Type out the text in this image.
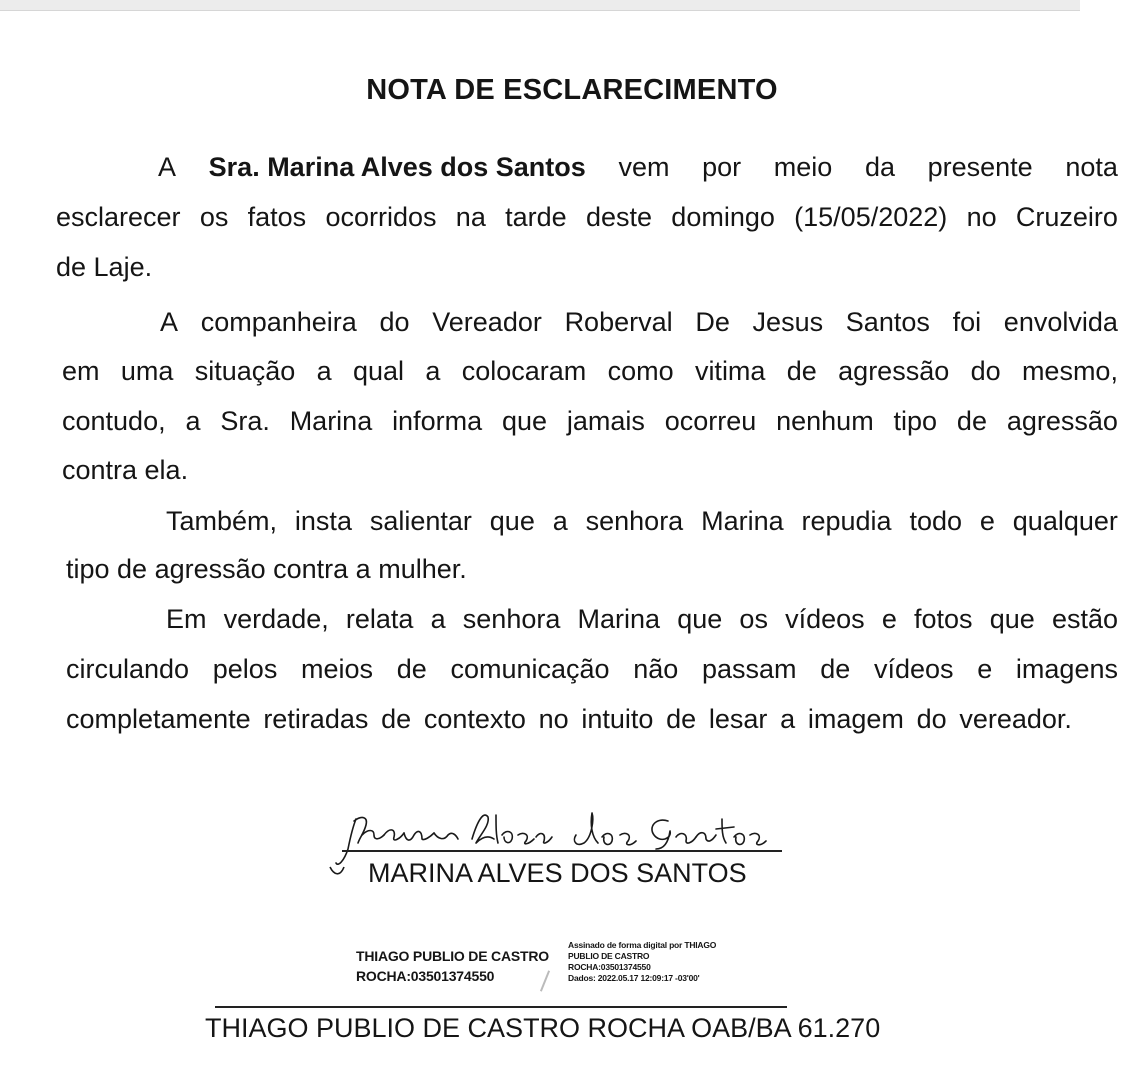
NOTA DE ESCLARECIMENTO
A Sra. Marina Alves dos Santos vem por meio da presente nota
esclarecer os fatos ocorridos na tarde deste domingo (15/05/2022) no Cruzeiro
de Laje.
A companheira do Vereador Roberval De Jesus Santos foi envolvida
em uma situação a qual a colocaram como vitima de agressão do mesmo,
contudo, a Sra. Marina informa que jamais ocorreu nenhum tipo de agressão
contra ela.
Também, insta salientar que a senhora Marina repudia todo e qualquer
tipo de agressão contra a mulher.
Em verdade, relata a senhora Marina que os vídeos e fotos que estão
circulando pelos meios de comunicação não passam de vídeos e imagens
completamente retiradas de contexto no intuito de lesar a imagem do vereador.
MARINA ALVES DOS SANTOS
THIAGO PUBLIO DE CASTRO
ROCHA:03501374550
Assinado de forma digital por THIAGO
PUBLIO DE CASTRO
ROCHA:03501374550
Dados: 2022.05.17 12:09:17 -03'00'
THIAGO PUBLIO DE CASTRO ROCHA OAB/BA 61.270
